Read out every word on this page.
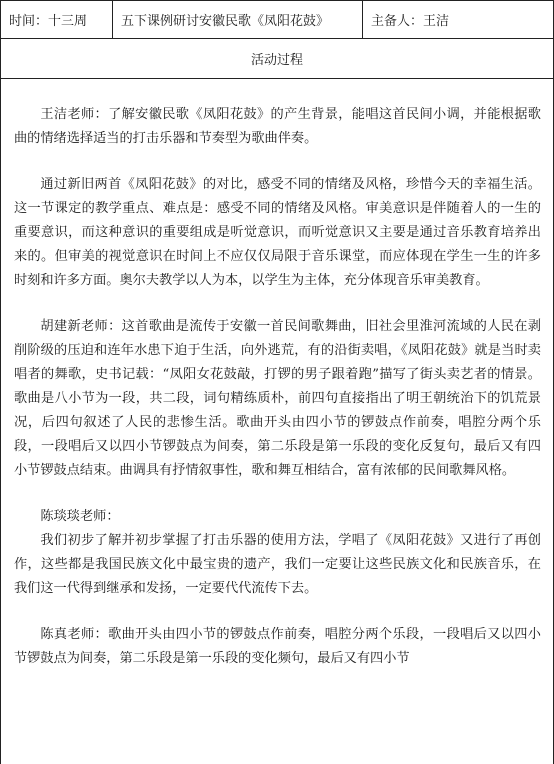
时间：十三周	五下课例研讨安徽民歌《凤阳花鼓》	主备人：王洁
活动过程

王洁老师：了解安徽民歌《凤阳花鼓》的产生背景，能唱这首民间小调，并能根据歌曲的情绪选择适当的打击乐器和节奏型为歌曲伴奏。

通过新旧两首《凤阳花鼓》的对比，感受不同的情绪及风格，珍惜今天的幸福生活。这一节课定的教学重点、难点是：感受不同的情绪及风格。审美意识是伴随着人的一生的重要意识，而这种意识的重要组成是听觉意识，而听觉意识又主要是通过音乐教育培养出来的。但审美的视觉意识在时间上不应仅仅局限于音乐课堂，而应体现在学生一生的许多时刻和许多方面。奥尔夫教学以人为本，以学生为主体，充分体现音乐审美教育。

胡建新老师：这首歌曲是流传于安徽一首民间歌舞曲，旧社会里淮河流域的人民在剥削阶级的压迫和连年水患下迫于生活，向外逃荒，有的沿街卖唱，《凤阳花鼓》就是当时卖唱者的舞歌，史书记载：“凤阳女花鼓敲，打锣的男子跟着跑”描写了街头卖艺者的情景。歌曲是八小节为一段，共二段，词句精练质朴，前四句直接指出了明王朝统治下的饥荒景况，后四句叙述了人民的悲惨生活。歌曲开头由四小节的锣鼓点作前奏，唱腔分两个乐段，一段唱后又以四小节锣鼓点为间奏，第二乐段是第一乐段的变化反复句，最后又有四小节锣鼓点结束。曲调具有抒情叙事性，歌和舞互相结合，富有浓郁的民间歌舞风格。

陈琰琰老师：

我们初步了解并初步掌握了打击乐器的使用方法，学唱了《凤阳花鼓》又进行了再创作，这些都是我国民族文化中最宝贵的遗产，我们一定要让这些民族文化和民族音乐，在我们这一代得到继承和发扬，一定要代代流传下去。

陈真老师：歌曲开头由四小节的锣鼓点作前奏，唱腔分两个乐段，一段唱后又以四小节锣鼓点为间奏，第二乐段是第一乐段的变化频句，最后又有四小节
